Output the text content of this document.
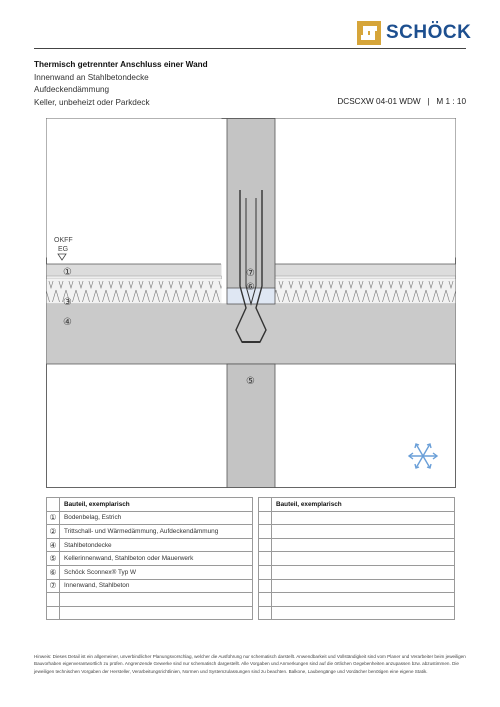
SCHÖCK
Thermisch getrennter Anschluss einer Wand
Innenwand an Stahlbetondecke
Aufdeckendämmung
Keller, unbeheizt oder Parkdeck	DCSCXW 04-01 WDW   |   M 1 : 10
OKFF
EG
①
③
④
⑦
⑥
⑤
	Bauteil, exemplarisch
①	Bodenbelag, Estrich
②	Trittschall- und Wärmedämmung, Aufdeckendämmung
④	Stahlbetondecke
⑤	Kellerinnenwand, Stahlbeton oder Mauerwerk
⑥	Schöck Sconnex® Typ W
⑦	Innenwand, Stahlbeton

	Bauteil, exemplarisch

Hinweis: Dieses Detail ist ein allgemeiner, unverbindlicher Planungsvorschlag, welcher die Ausführung nur schematisch darstellt. Anwendbarkeit und Vollständigkeit sind vom Planer und Verarbeiter beim jeweiligen Bauvorhaben eigenverantwortlich zu prüfen. Angrenzende Gewerke sind nur schematisch dargestellt. Alle Vorgaben und Anmerkungen sind auf die örtlichen Gegebenheiten anzupassen bzw. abzustimmen. Die jeweiligen technischen Vorgaben der Hersteller, Verarbeitungsrichtlinien, Normen und Systemzulassungen sind zu beachten. Balkone, Laubengänge und Vordächer benötigen eine eigene Statik.
